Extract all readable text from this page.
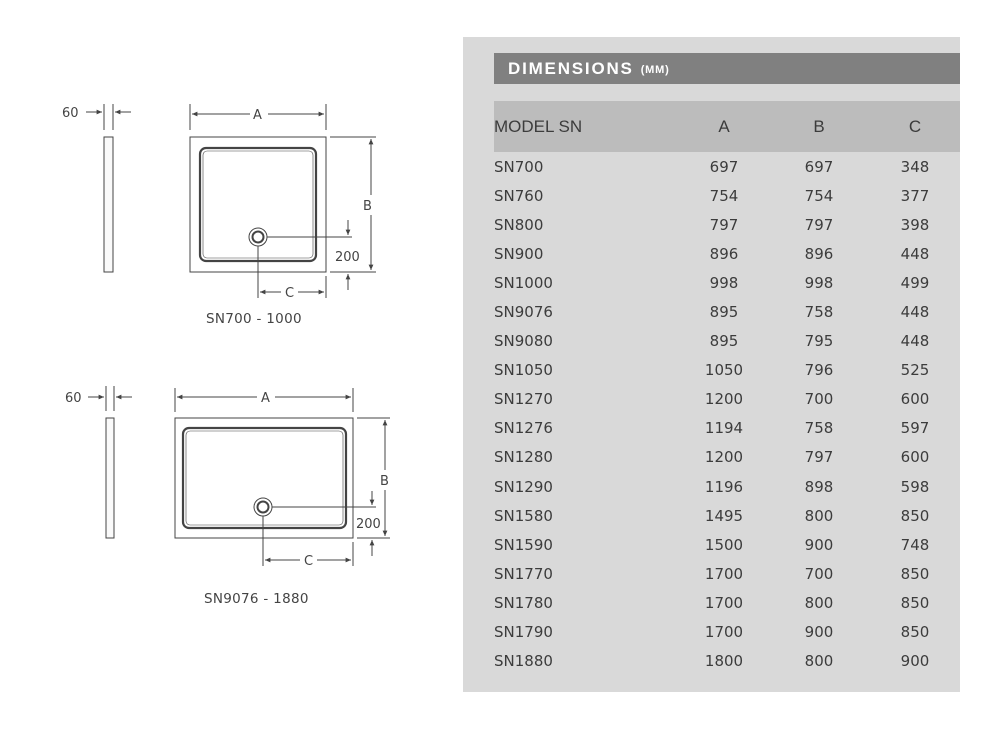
60	A
B
200
C
SN700 - 1000
60	A
B
200
C
SN9076 - 1880
DIMENSIONS (MM)
MODEL SN	A	B	C
SN700	697	697	348
SN760	754	754	377
SN800	797	797	398
SN900	896	896	448
SN1000	998	998	499
SN9076	895	758	448
SN9080	895	795	448
SN1050	1050	796	525
SN1270	1200	700	600
SN1276	1194	758	597
SN1280	1200	797	600
SN1290	1196	898	598
SN1580	1495	800	850
SN1590	1500	900	748
SN1770	1700	700	850
SN1780	1700	800	850
SN1790	1700	900	850
SN1880	1800	800	900
